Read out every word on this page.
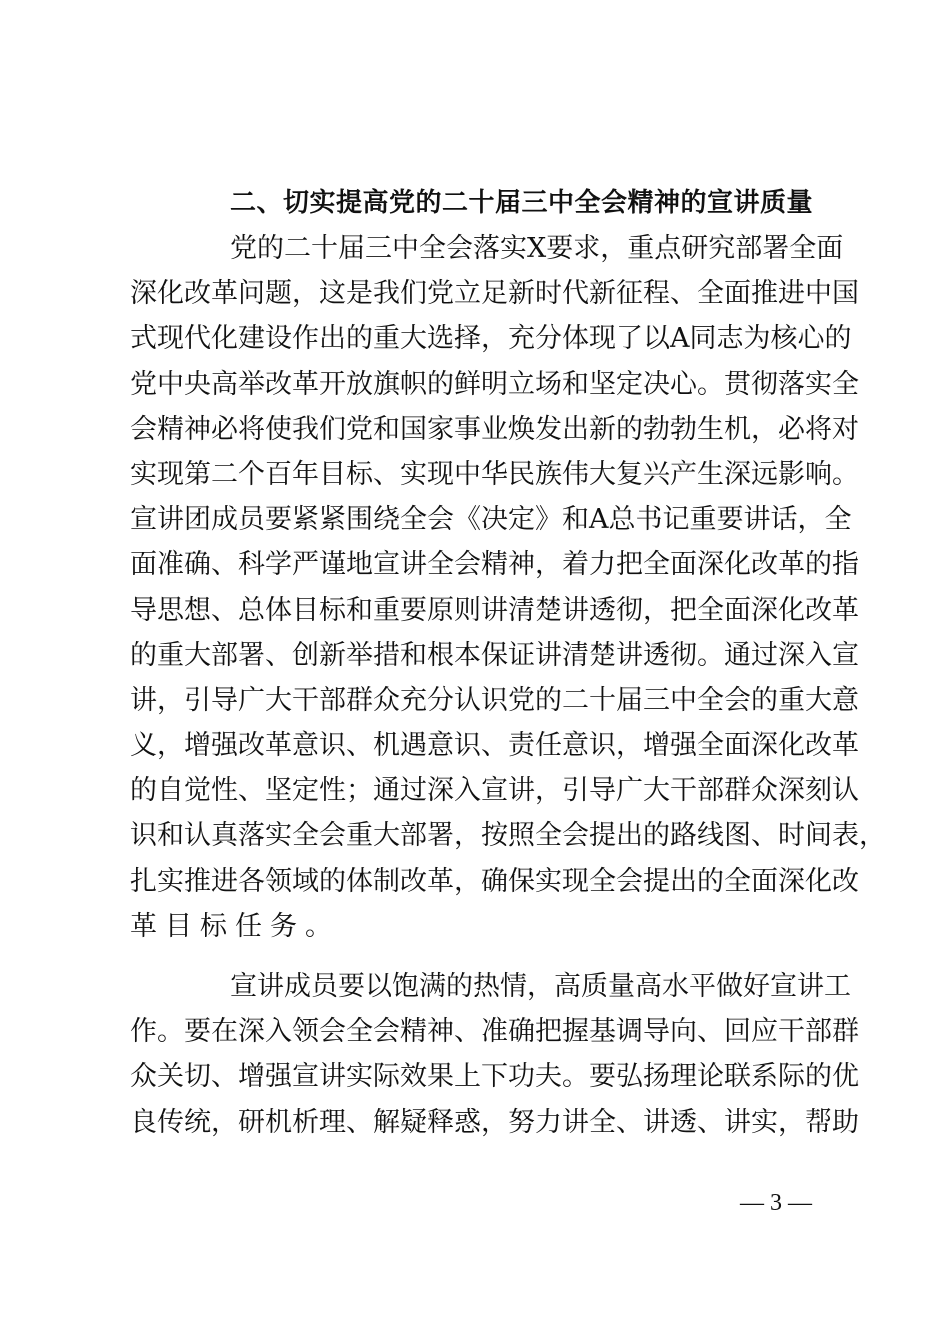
二、切实提高党的二十届三中全会精神的宣讲质量
党的二十届三中全会落实X要求，重点研究部署全面
深化改革问题，这是我们党立足新时代新征程、全面推进中国
式现代化建设作出的重大选择，充分体现了以A同志为核心的
党中央高举改革开放旗帜的鲜明立场和坚定决心。贯彻落实全
会精神必将使我们党和国家事业焕发出新的勃勃生机，必将对
实现第二个百年目标、实现中华民族伟大复兴产生深远影响。
宣讲团成员要紧紧围绕全会《决定》和A总书记重要讲话，全
面准确、科学严谨地宣讲全会精神，着力把全面深化改革的指
导思想、总体目标和重要原则讲清楚讲透彻，把全面深化改革
的重大部署、创新举措和根本保证讲清楚讲透彻。通过深入宣
讲，引导广大干部群众充分认识党的二十届三中全会的重大意
义，增强改革意识、机遇意识、责任意识，增强全面深化改革
的自觉性、坚定性；通过深入宣讲，引导广大干部群众深刻认
识和认真落实全会重大部署，按照全会提出的路线图、时间表，
扎实推进各领域的体制改革，确保实现全会提出的全面深化改
革目标任务。
宣讲成员要以饱满的热情，高质量高水平做好宣讲工
作。要在深入领会全会精神、准确把握基调导向、回应干部群
众关切、增强宣讲实际效果上下功夫。要弘扬理论联系际的优
良传统，研机析理、解疑释惑，努力讲全、讲透、讲实，帮助
— 3 —
